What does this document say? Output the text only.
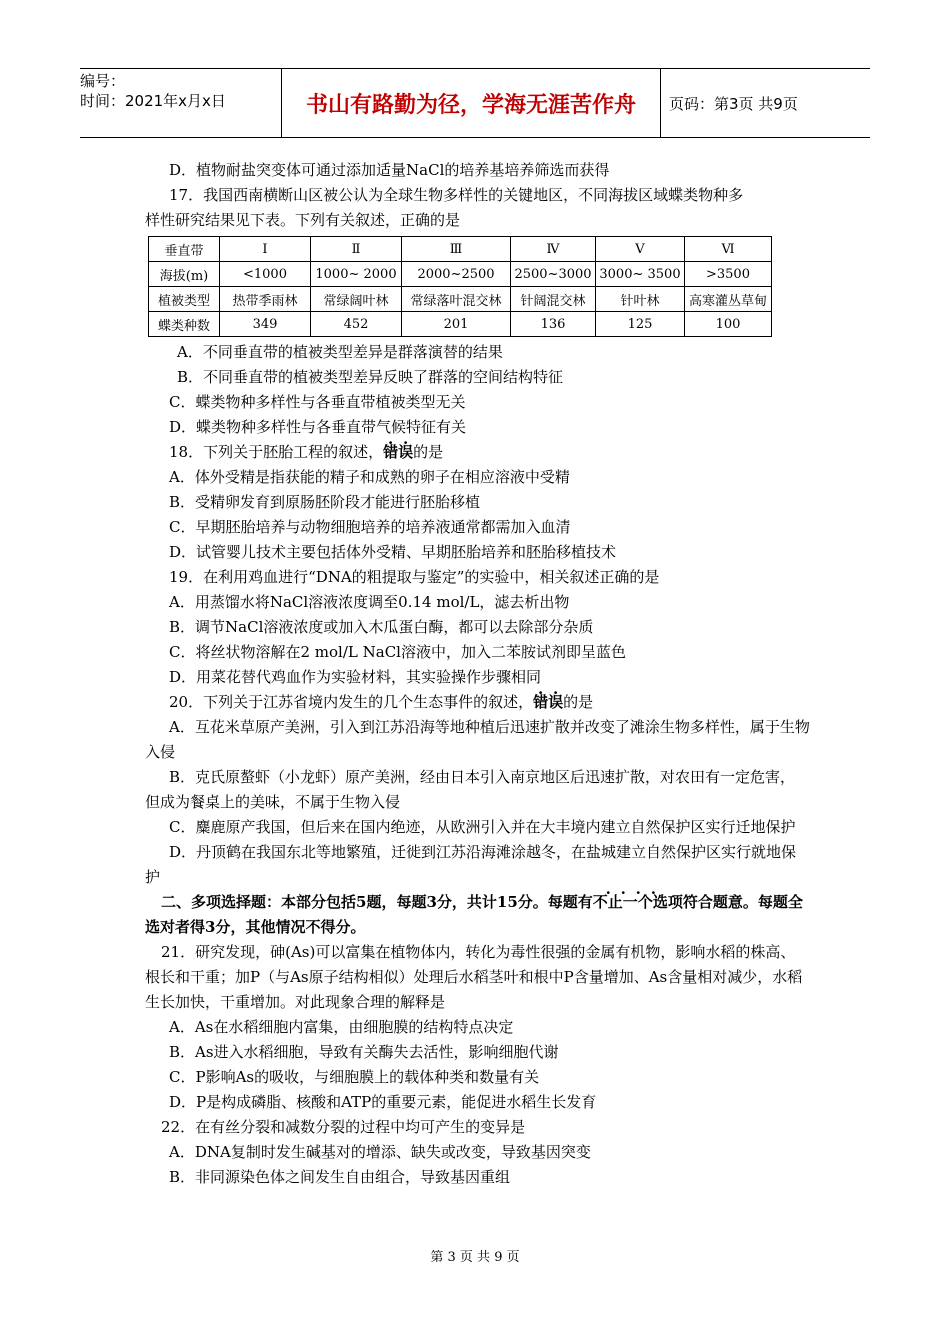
编号：
时间：2021年x月x日	书山有路勤为径，学海无涯苦作舟	页码：第3页 共9页
D．植物耐盐突变体可通过添加适量NaCl的培养基培养筛选而获得
17．我国西南横断山区被公认为全球生物多样性的关键地区，不同海拔区域蝶类物种多
样性研究结果见下表。下列有关叙述，正确的是
垂直带	Ⅰ	Ⅱ	Ⅲ	Ⅳ	Ⅴ	Ⅵ
海拔(m)	<1000	1000~ 2000	2000~2500	2500~3000	3000~ 3500	>3500
植被类型	热带季雨林	常绿阔叶林	常绿落叶混交林	针阔混交林	针叶林	高寒灌丛草甸
蝶类种数	349	452	201	136	125	100
A．不同垂直带的植被类型差异是群落演替的结果
B．不同垂直带的植被类型差异反映了群落的空间结构特征
C．蝶类物种多样性与各垂直带植被类型无关
D．蝶类物种多样性与各垂直带气候特征有关
18．下列关于胚胎工程的叙述，错误的是
A．体外受精是指获能的精子和成熟的卵子在相应溶液中受精
B．受精卵发育到原肠胚阶段才能进行胚胎移植
C．早期胚胎培养与动物细胞培养的培养液通常都需加入血清
D．试管婴儿技术主要包括体外受精、早期胚胎培养和胚胎移植技术
19．在利用鸡血进行“DNA的粗提取与鉴定”的实验中，相关叙述正确的是
A．用蒸馏水将NaCl溶液浓度调至0.14 mol/L，滤去析出物
B．调节NaCl溶液浓度或加入木瓜蛋白酶，都可以去除部分杂质
C．将丝状物溶解在2 mol/L NaCl溶液中，加入二苯胺试剂即呈蓝色
D．用菜花替代鸡血作为实验材料，其实验操作步骤相同
20．下列关于江苏省境内发生的几个生态事件的叙述，错误的是
A．互花米草原产美洲，引入到江苏沿海等地种植后迅速扩散并改变了滩涂生物多样性，属于生物入侵
B．克氏原螯虾（小龙虾）原产美洲，经由日本引入南京地区后迅速扩散，对农田有一定危害，但成为餐桌上的美味，不属于生物入侵
C．麋鹿原产我国，但后来在国内绝迹，从欧洲引入并在大丰境内建立自然保护区实行迁地保护
D．丹顶鹤在我国东北等地繁殖，迁徙到江苏沿海滩涂越冬，在盐城建立自然保护区实行就地保护
二、多项选择题：本部分包括5题，每题3分，共计15分。每题有不止一个选项符合题意。每题全选对者得3分，其他情况不得分。
21．研究发现，砷(As)可以富集在植物体内，转化为毒性很强的金属有机物，影响水稻的株高、根长和干重；加P（与As原子结构相似）处理后水稻茎叶和根中P含量增加、As含量相对减少，水稻生长加快，干重增加。对此现象合理的解释是
A．As在水稻细胞内富集，由细胞膜的结构特点决定
B．As进入水稻细胞，导致有关酶失去活性，影响细胞代谢
C．P影响As的吸收，与细胞膜上的载体种类和数量有关
D．P是构成磷脂、核酸和ATP的重要元素，能促进水稻生长发育
22．在有丝分裂和减数分裂的过程中均可产生的变异是
A．DNA复制时发生碱基对的增添、缺失或改变，导致基因突变
B．非同源染色体之间发生自由组合，导致基因重组
第 3 页 共 9 页
